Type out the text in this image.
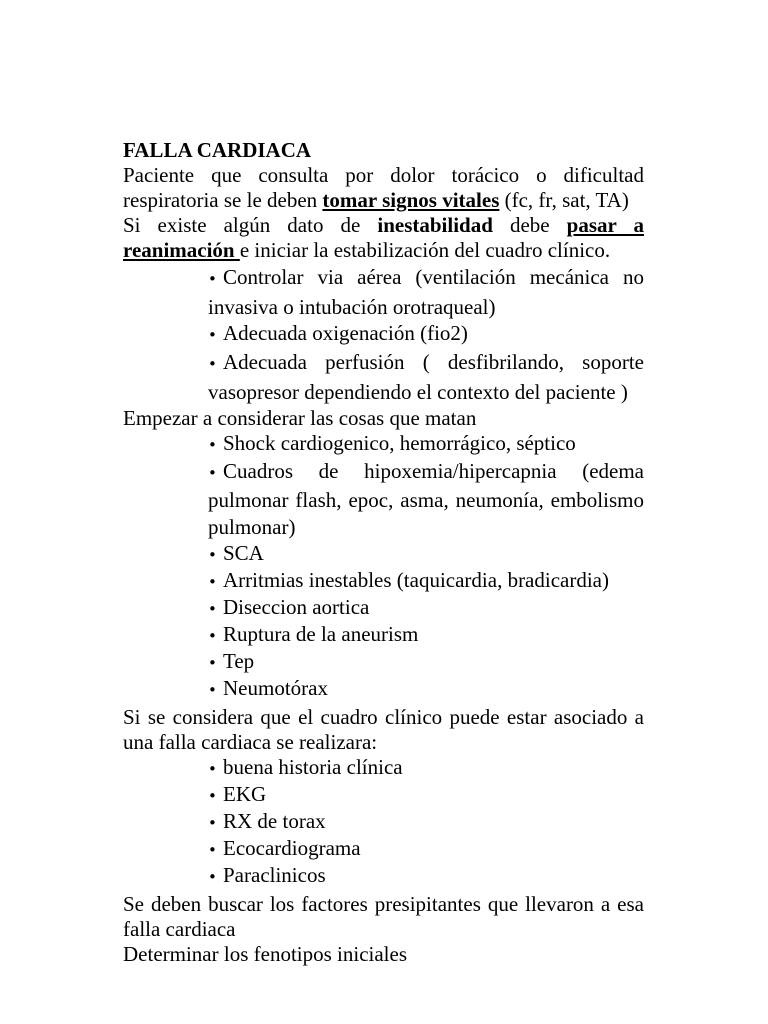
FALLA CARDIACA

Paciente que consulta por dolor torácico o dificultad respiratoria se le deben tomar signos vitales (fc, fr, sat, TA)

Si existe algún dato de inestabilidad debe pasar a reanimación e iniciar la estabilización del cuadro clínico.

• Controlar via aérea (ventilación mecánica no invasiva o intubación orotraqueal)
• Adecuada oxigenación (fio2)
• Adecuada perfusión ( desfibrilando, soporte vasopresor dependiendo el contexto del paciente )

Empezar a considerar las cosas que matan

• Shock cardiogenico, hemorrágico, séptico
• Cuadros de hipoxemia/hipercapnia (edema pulmonar flash, epoc, asma, neumonía, embolismo pulmonar)
• SCA
• Arritmias inestables (taquicardia, bradicardia)
• Diseccion aortica
• Ruptura de la aneurism
• Tep
• Neumotórax

Si se considera que el cuadro clínico puede estar asociado a una falla cardiaca se realizara:

• buena historia clínica
• EKG
• RX de torax
• Ecocardiograma
• Paraclinicos

Se deben buscar los factores presipitantes que llevaron a esa falla cardiaca

Determinar los fenotipos iniciales
